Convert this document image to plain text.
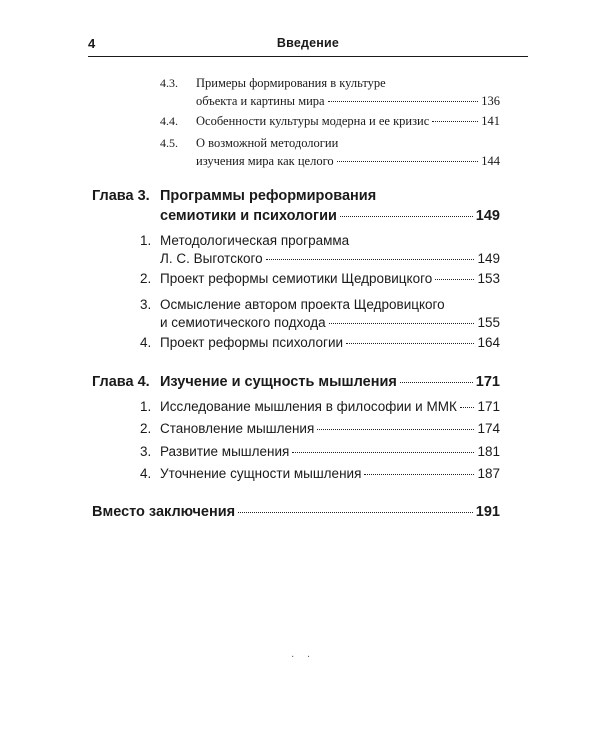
4	Введение
4.3. Примеры формирования в культуре
объекта и картины мира	136
4.4. Особенности культуры модерна и ее кризис	141
4.5. О возможной методологии
изучения мира как целого	144
Глава 3. Программы реформирования
семиотики и психологии	149
1. Методологическая программа
Л. С. Выготского	149
2. Проект реформы семиотики Щедровицкого	153
3. Осмысление автором проекта Щедровицкого
и семиотического подхода	155
4. Проект реформы психологии	164
Глава 4. Изучение и сущность мышления	171
1. Исследование мышления в философии и ММК 171
2. Становление мышления	174
3. Развитие мышления	181
4. Уточнение сущности мышления	187
Вместо заключения	191
· ·
